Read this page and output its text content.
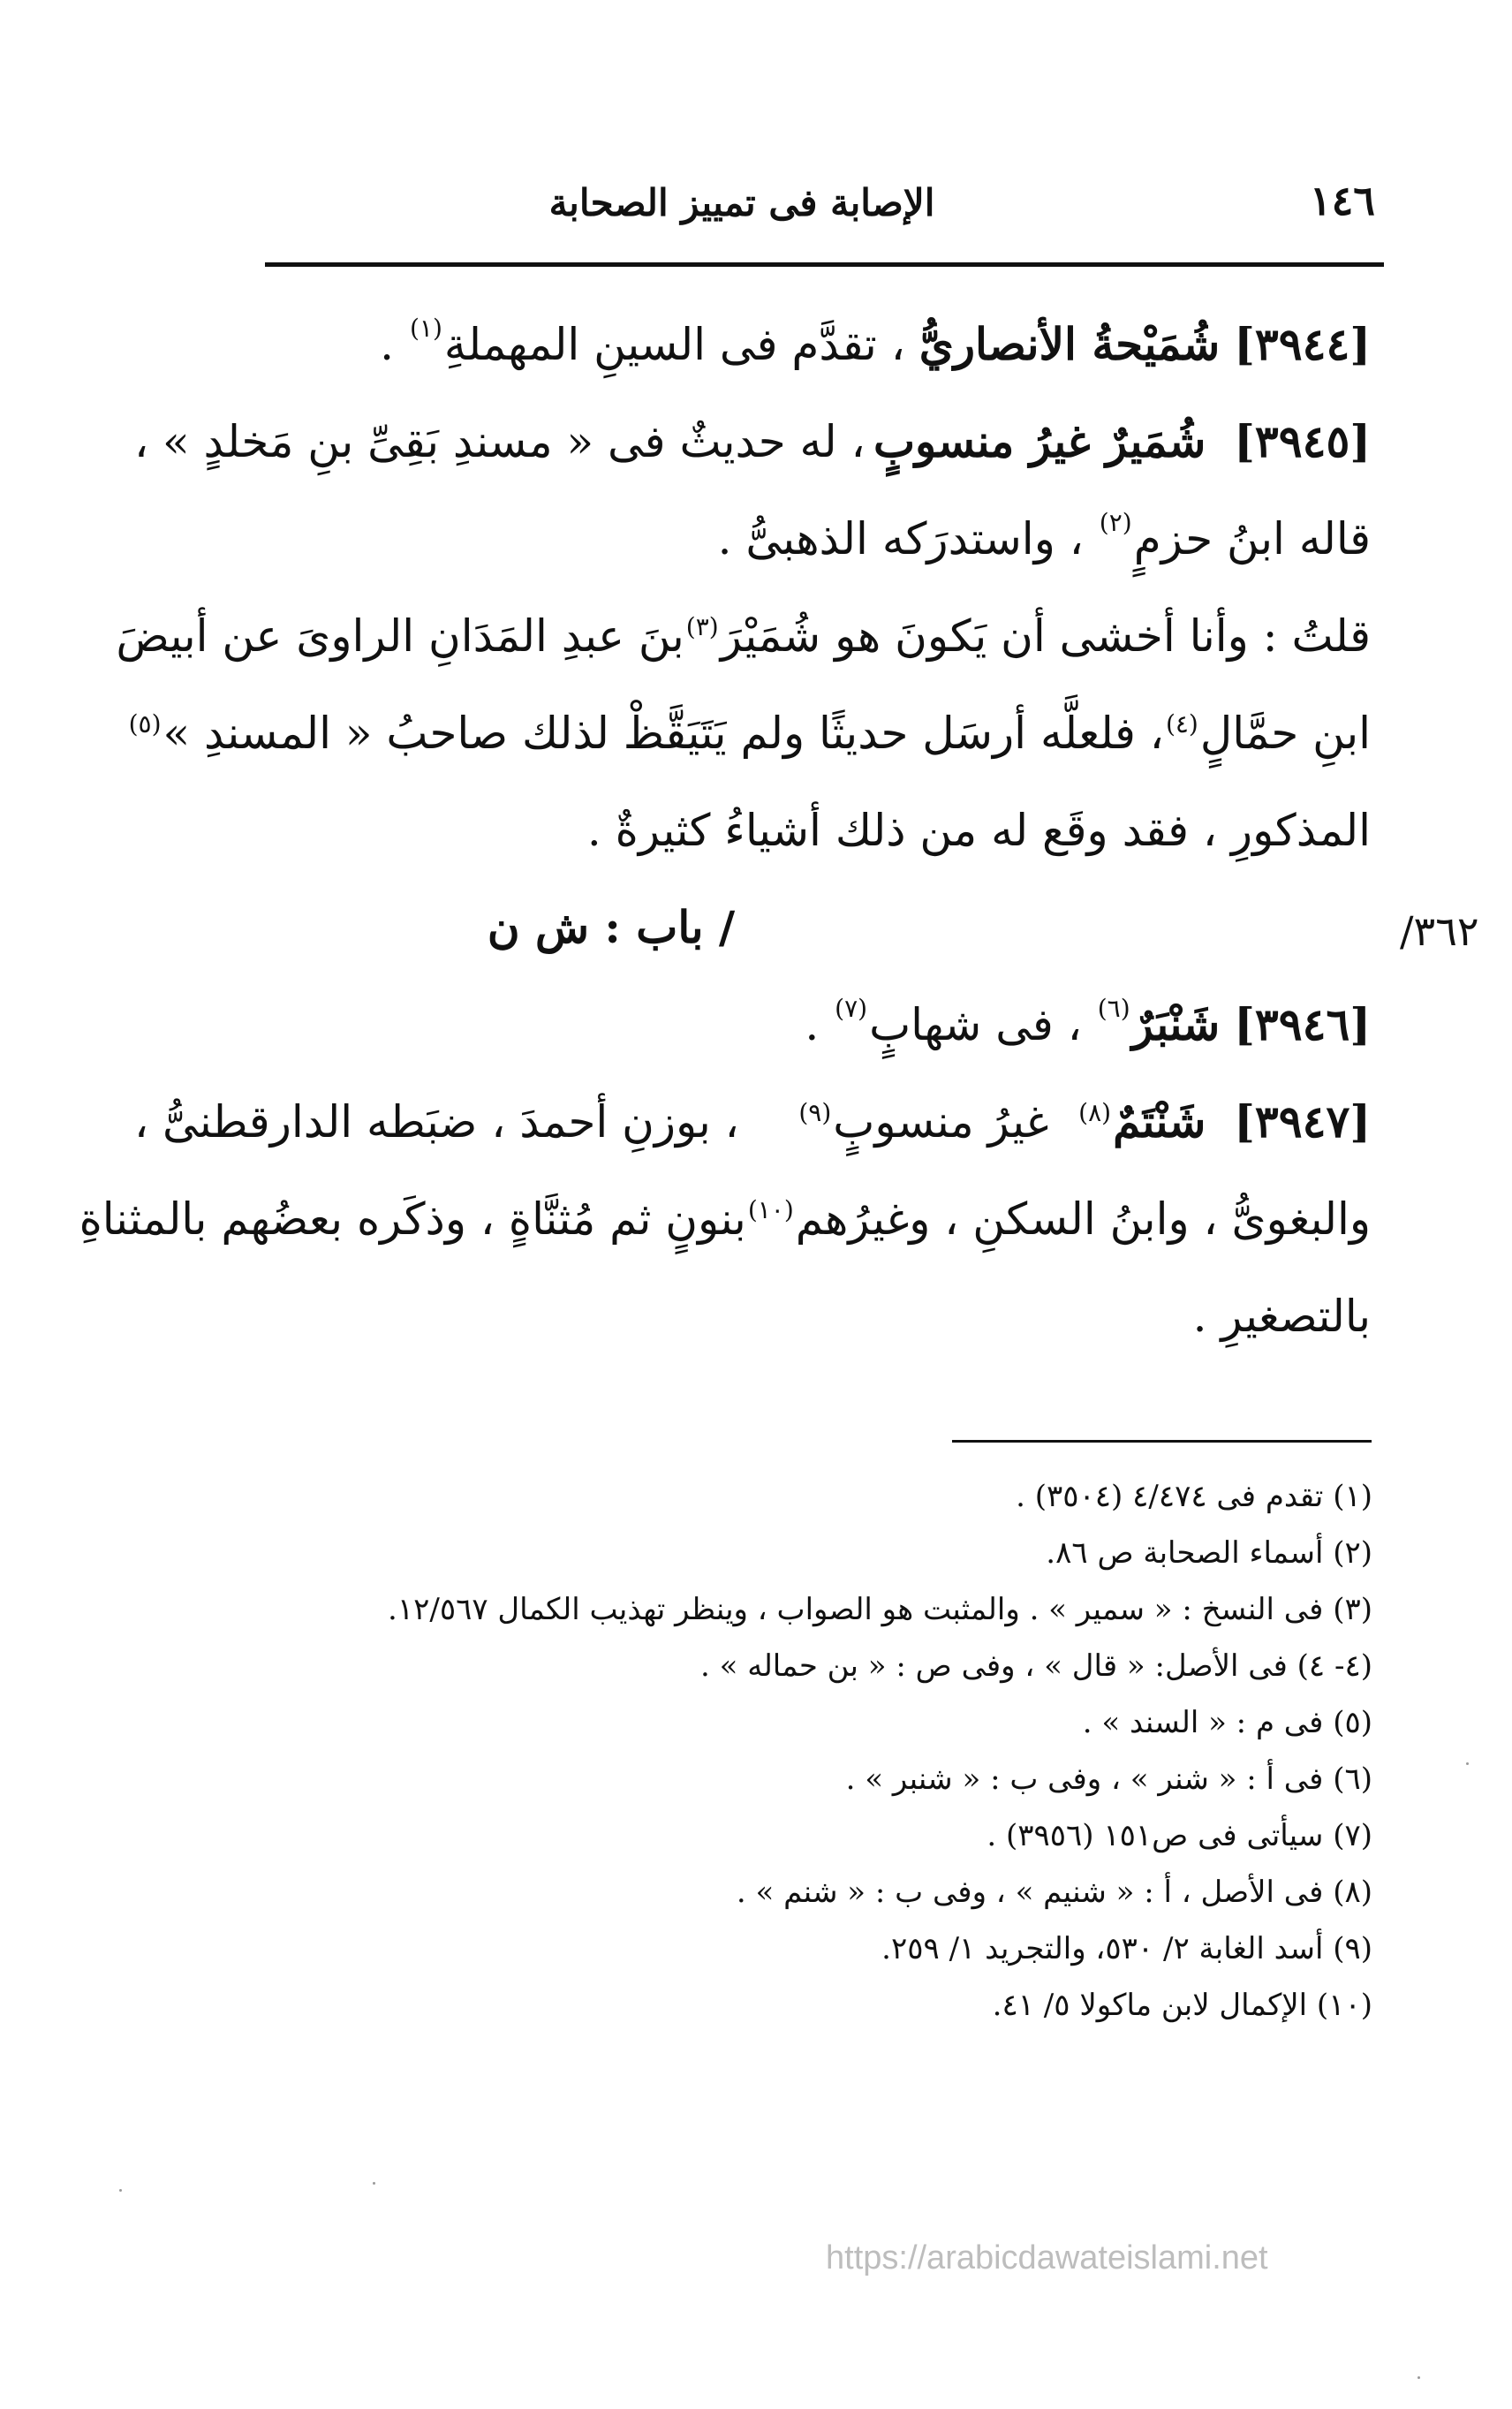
١٤٦
الإصابة فى تمييز الصحابة
[٣٩٤٤]

شُمَيْحةُ الأنصاريُّ

، تقدَّم فى السينِ المهملةِ
$^{(١)}$

.
[٣٩٤٥]  شُمَيرٌ غيرُ منسوبٍ
، له حديثٌ فى « مسندِ بَقِىِّ بنِ مَخلدٍ » ،
قاله ابنُ حزمٍ
$^{(٢)}$

، واستدرَكه الذهبىُّ .
قلتُ : وأنا أخشى أن يَكونَ هو شُمَيْرَ$^{(٣)}$
بنَ عبدِ المَدَانِ الراوىَ عن أبيضَ
ابنِ حمَّالٍ$^{(٤)}$
، فلعلَّه أرسَل حديثًا ولم يَتَيَقَّظْ لذلك صاحبُ « المسندِ »$^{(٥)}$
المذكورِ ، فقد وقَع له من ذلك أشياءُ كثيرةٌ .
/ باب : ش ن
[٣٩٤٦]

شَنْبَرٌ
$^{(٦)}$

، فى شهابٍ
$^{(٧)}$

.
[٣٩٤٧]  شَنْتَمٌ$^{(٨)}$  غيرُ منسوبٍ$^{(٩)}$
، بوزنِ أحمدَ ، ضبَطه الدارقطنىُّ ،
والبغوىُّ ، وابنُ السكنِ ، وغيرُهم$^{(١٠)}$
بنونٍ ثم مُثنَّاةٍ ، وذكَره بعضُهم بالمثناةِ
بالتصغيرِ .
٣٦٢/
(١) تقدم فى ٤/٤٧٤ (٣٥٠٤) .
(٢) أسماء الصحابة ص ٨٦.
(٣) فى النسخ : « سمير » . والمثبت هو الصواب ، وينظر تهذيب الكمال ١٢/٥٦٧.
(٤- ٤) فى الأصل: « قال » ، وفى ص : « بن حماله » .
(٥) فى م : « السند » .
(٦) فى أ : « شنر » ، وفى ب : « شنبر » .
(٧) سيأتى فى ص١٥١ (٣٩٥٦) .
(٨) فى الأصل ، أ : « شنيم » ، وفى ب : « شنم » .
(٩) أسد الغابة ٢/ ٥٣٠، والتجريد ١/ ٢٥٩.
(١٠) الإكمال لابن ماكولا ٥/ ٤١.
https://arabicdawateislami.net
